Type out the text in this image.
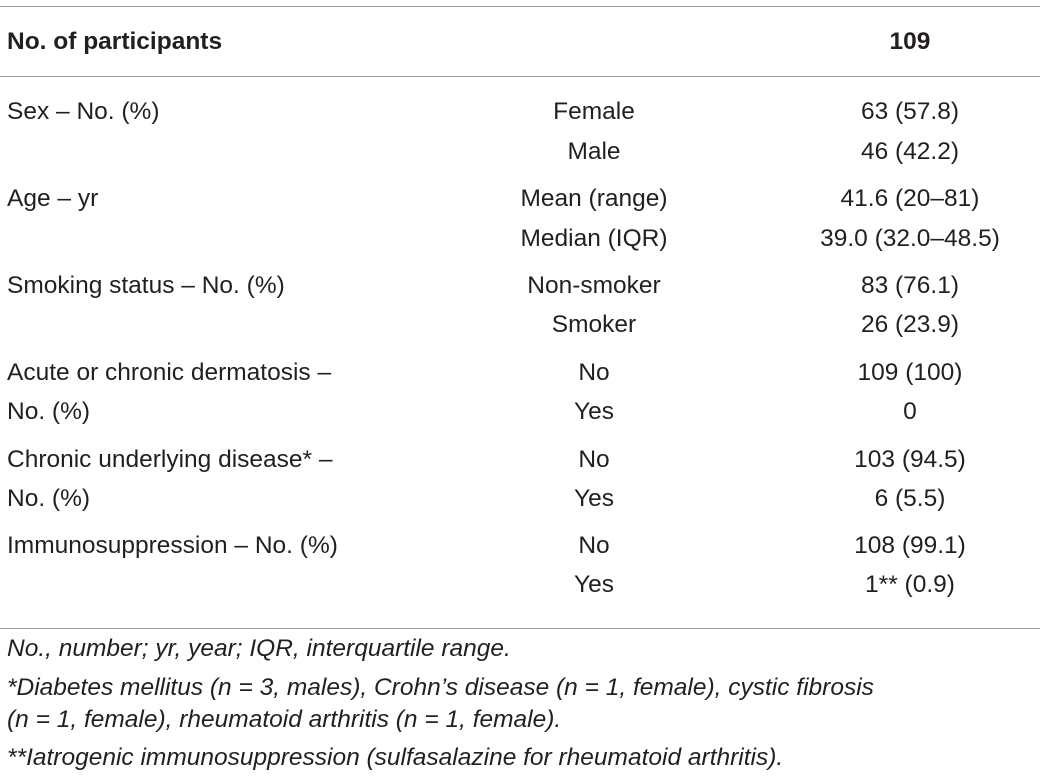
No. of participants	109
Sex – No. (%)	Female	63 (57.8)
Male	46 (42.2)
Age – yr	Mean (range)	41.6 (20–81)
Median (IQR)	39.0 (32.0–48.5)
Smoking status – No. (%)	Non-smoker	83 (76.1)
Smoker	26 (23.9)
Acute or chronic dermatosis –
No. (%)
No	109 (100)
Yes	0
Chronic underlying disease* –
No. (%)
No	103 (94.5)
Yes	6 (5.5)
Immunosuppression – No. (%)	No	108 (99.1)
Yes	1** (0.9)
No., number; yr, year; IQR, interquartile range.
*Diabetes mellitus (n = 3, males), Crohn’s disease (n = 1, female), cystic fibrosis
(n = 1, female), rheumatoid arthritis (n = 1, female).
**Iatrogenic immunosuppression (sulfasalazine for rheumatoid arthritis).
